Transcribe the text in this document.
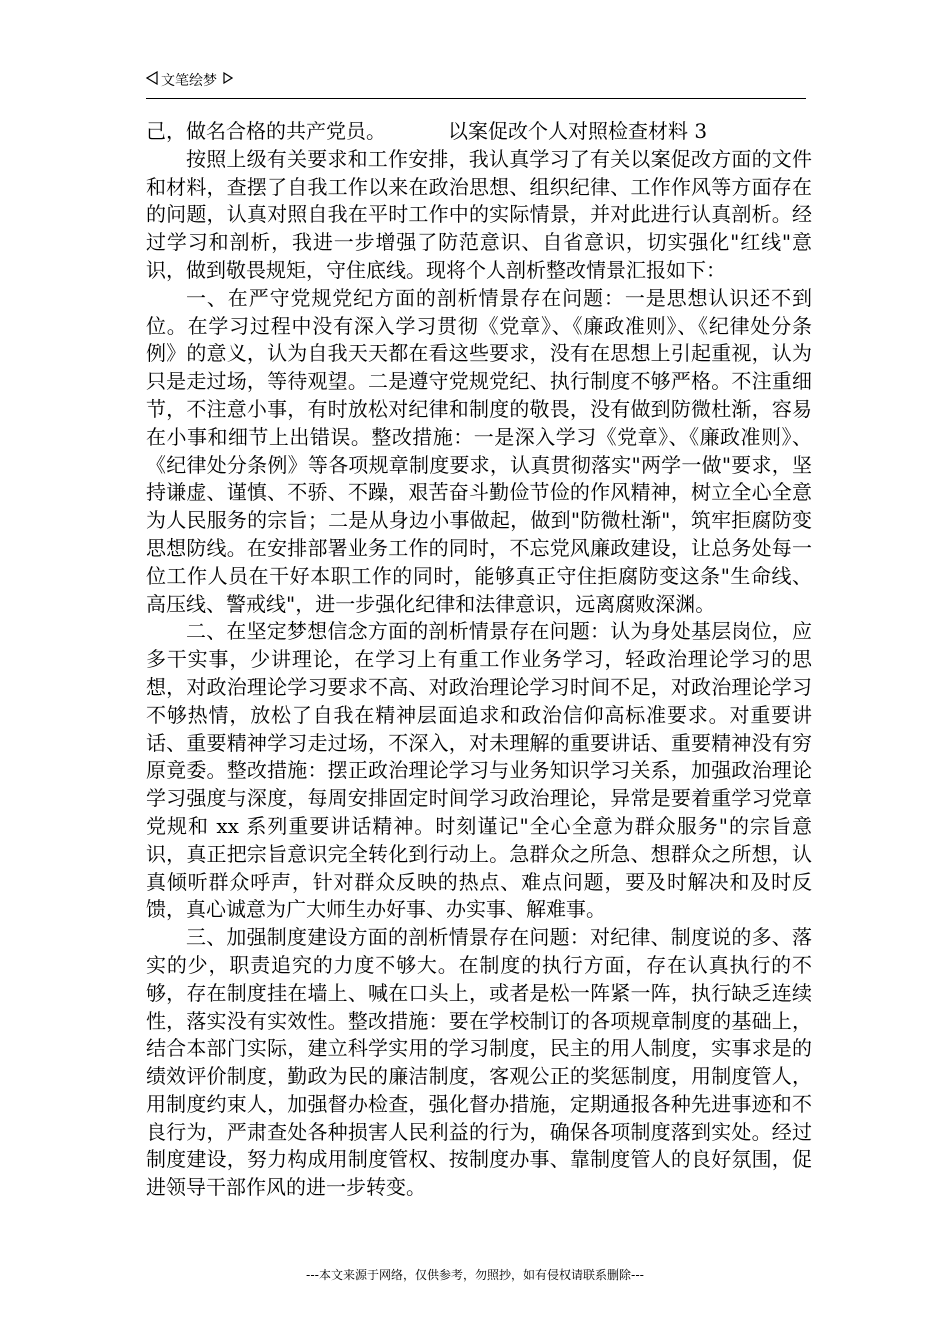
文笔绘梦

己，做名合格的共产党员。	以案促改个人对照检查材料 3

按照上级有关要求和工作安排，我认真学习了有关以案促改方面的文件和材料，查摆了自我工作以来在政治思想、组织纪律、工作作风等方面存在的问题，认真对照自我在平时工作中的实际情景，并对此进行认真剖析。经过学习和剖析，我进一步增强了防范意识、自省意识，切实强化"红线"意识，做到敬畏规矩，守住底线。现将个人剖析整改情景汇报如下：

一、在严守党规党纪方面的剖析情景存在问题：一是思想认识还不到位。在学习过程中没有深入学习贯彻《党章》、《廉政准则》、《纪律处分条例》的意义，认为自我天天都在看这些要求，没有在思想上引起重视，认为只是走过场，等待观望。二是遵守党规党纪、执行制度不够严格。不注重细节，不注意小事，有时放松对纪律和制度的敬畏，没有做到防微杜渐，容易在小事和细节上出错误。整改措施：一是深入学习《党章》、《廉政准则》、《纪律处分条例》等各项规章制度要求，认真贯彻落实"两学一做"要求，坚持谦虚、谨慎、不骄、不躁，艰苦奋斗勤俭节俭的作风精神，树立全心全意为人民服务的宗旨；二是从身边小事做起，做到"防微杜渐"，筑牢拒腐防变思想防线。在安排部署业务工作的同时，不忘党风廉政建设，让总务处每一位工作人员在干好本职工作的同时，能够真正守住拒腐防变这条"生命线、高压线、警戒线"，进一步强化纪律和法律意识，远离腐败深渊。

二、在坚定梦想信念方面的剖析情景存在问题：认为身处基层岗位，应多干实事，少讲理论，在学习上有重工作业务学习，轻政治理论学习的思想，对政治理论学习要求不高、对政治理论学习时间不足，对政治理论学习不够热情，放松了自我在精神层面追求和政治信仰高标准要求。对重要讲话、重要精神学习走过场，不深入，对未理解的重要讲话、重要精神没有穷原竟委。整改措施：摆正政治理论学习与业务知识学习关系，加强政治理论学习强度与深度，每周安排固定时间学习政治理论，异常是要着重学习党章党规和 xx 系列重要讲话精神。时刻谨记"全心全意为群众服务"的宗旨意识，真正把宗旨意识完全转化到行动上。急群众之所急、想群众之所想，认真倾听群众呼声，针对群众反映的热点、难点问题，要及时解决和及时反馈，真心诚意为广大师生办好事、办实事、解难事。

三、加强制度建设方面的剖析情景存在问题：对纪律、制度说的多、落实的少，职责追究的力度不够大。在制度的执行方面，存在认真执行的不够，存在制度挂在墙上、喊在口头上，或者是松一阵紧一阵，执行缺乏连续性，落实没有实效性。整改措施：要在学校制订的各项规章制度的基础上，结合本部门实际，建立科学实用的学习制度，民主的用人制度，实事求是的绩效评价制度，勤政为民的廉洁制度，客观公正的奖惩制度，用制度管人，用制度约束人，加强督办检查，强化督办措施，定期通报各种先进事迹和不良行为，严肃查处各种损害人民利益的行为，确保各项制度落到实处。经过制度建设，努力构成用制度管权、按制度办事、靠制度管人的良好氛围，促进领导干部作风的进一步转变。

---本文来源于网络，仅供参考，勿照抄，如有侵权请联系删除---
